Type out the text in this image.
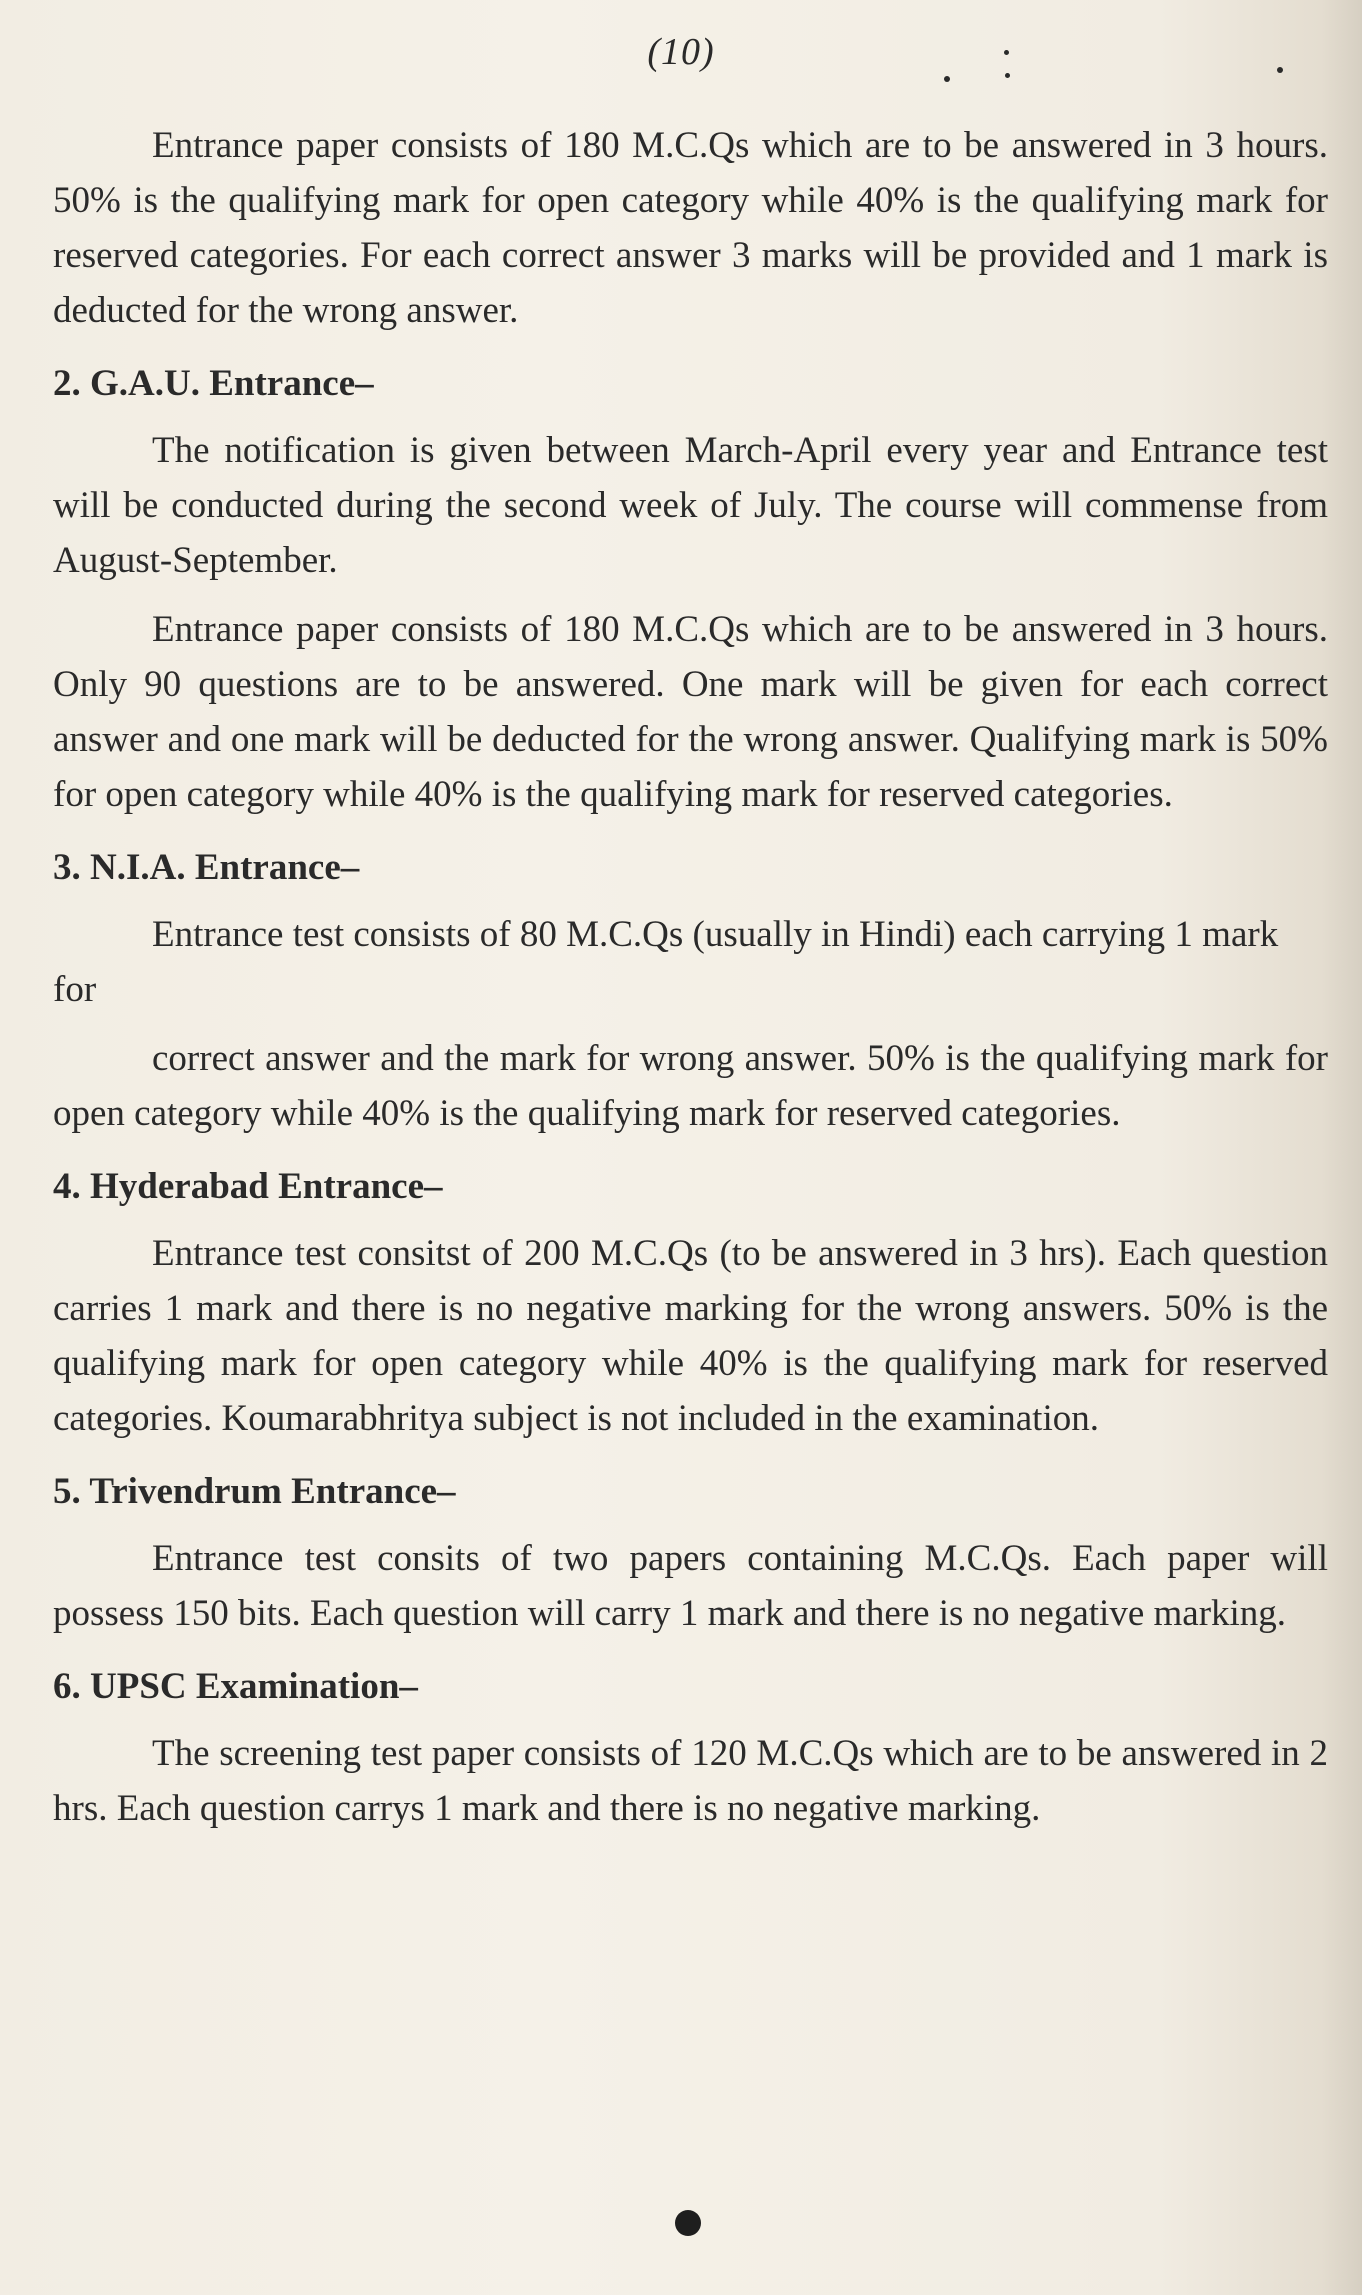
(10)

Entrance paper consists of 180 M.C.Qs which are to be answered in 3 hours. 50% is the qualifying mark for open category while 40% is the qualifying mark for reserved categories. For each correct answer 3 marks will be provided and 1 mark is deducted for the wrong answer.

2. G.A.U. Entrance–

The notification is given between March-April every year and Entrance test will be conducted during the second week of July. The course will commense from August-September.

Entrance paper consists of 180 M.C.Qs which are to be answered in 3 hours. Only 90 questions are to be answered. One mark will be given for each correct answer and one mark will be deducted for the wrong answer. Qualifying mark is 50% for open category while 40% is the qualifying mark for reserved categories.

3. N.I.A. Entrance–

Entrance test consists of 80 M.C.Qs (usually in Hindi) each carrying 1 mark for

correct answer and the mark for wrong answer. 50% is the qualifying mark for open category while 40% is the qualifying mark for reserved categories.

4. Hyderabad Entrance–

Entrance test consitst of 200 M.C.Qs (to be answered in 3 hrs). Each question carries 1 mark and there is no negative marking for the wrong answers. 50% is the qualifying mark for open category while 40% is the qualifying mark for reserved categories. Koumarabhritya subject is not included in the examination.

5. Trivendrum Entrance–

Entrance test consits of two papers containing M.C.Qs. Each paper will possess 150 bits. Each question will carry 1 mark and there is no negative marking.

6. UPSC Examination–

The screening test paper consists of 120 M.C.Qs which are to be answered in 2 hrs. Each question carrys 1 mark and there is no negative marking.
